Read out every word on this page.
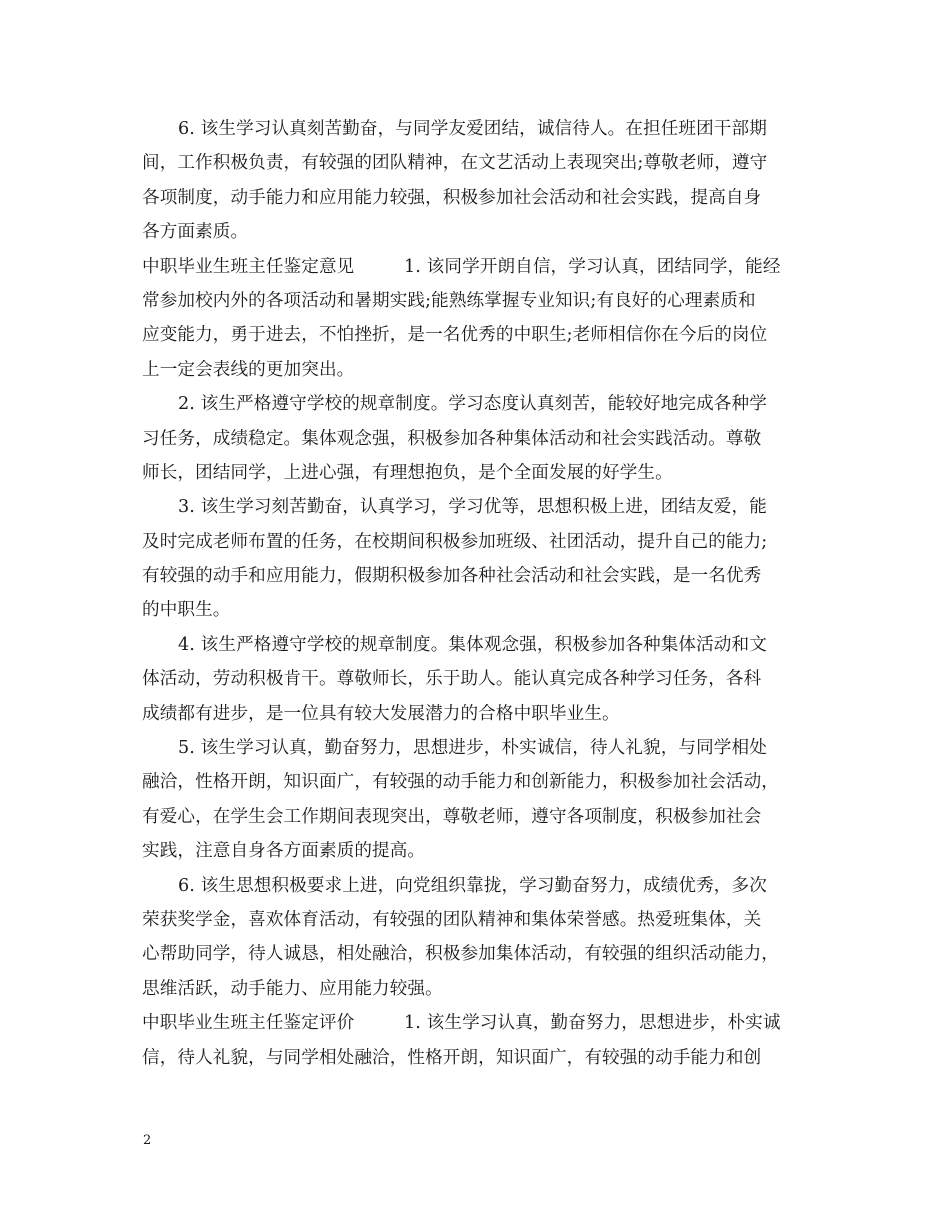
6. 该生学习认真刻苦勤奋，与同学友爱团结，诚信待人。在担任班团干部期
间，工作积极负责，有较强的团队精神，在文艺活动上表现突出;尊敬老师，遵守
各项制度，动手能力和应用能力较强，积极参加社会活动和社会实践，提高自身
各方面素质。
中职毕业生班主任鉴定意见	1. 该同学开朗自信，学习认真，团结同学，能经
常参加校内外的各项活动和暑期实践;能熟练掌握专业知识;有良好的心理素质和
应变能力，勇于进去，不怕挫折，是一名优秀的中职生;老师相信你在今后的岗位
上一定会表线的更加突出。
2. 该生严格遵守学校的规章制度。学习态度认真刻苦，能较好地完成各种学
习任务，成绩稳定。集体观念强，积极参加各种集体活动和社会实践活动。尊敬
师长，团结同学，上进心强，有理想抱负，是个全面发展的好学生。
3. 该生学习刻苦勤奋，认真学习，学习优等，思想积极上进，团结友爱，能
及时完成老师布置的任务，在校期间积极参加班级、社团活动，提升自己的能力;
有较强的动手和应用能力，假期积极参加各种社会活动和社会实践，是一名优秀
的中职生。
4. 该生严格遵守学校的规章制度。集体观念强，积极参加各种集体活动和文
体活动，劳动积极肯干。尊敬师长，乐于助人。能认真完成各种学习任务，各科
成绩都有进步，是一位具有较大发展潜力的合格中职毕业生。
5. 该生学习认真，勤奋努力，思想进步，朴实诚信，待人礼貌，与同学相处
融洽，性格开朗，知识面广，有较强的动手能力和创新能力，积极参加社会活动，
有爱心，在学生会工作期间表现突出，尊敬老师，遵守各项制度，积极参加社会
实践，注意自身各方面素质的提高。
6. 该生思想积极要求上进，向党组织靠拢，学习勤奋努力，成绩优秀，多次
荣获奖学金，喜欢体育活动，有较强的团队精神和集体荣誉感。热爱班集体，关
心帮助同学，待人诚恳，相处融洽，积极参加集体活动，有较强的组织活动能力，
思维活跃，动手能力、应用能力较强。
中职毕业生班主任鉴定评价	1. 该生学习认真，勤奋努力，思想进步，朴实诚
信，待人礼貌，与同学相处融洽，性格开朗，知识面广，有较强的动手能力和创
2
